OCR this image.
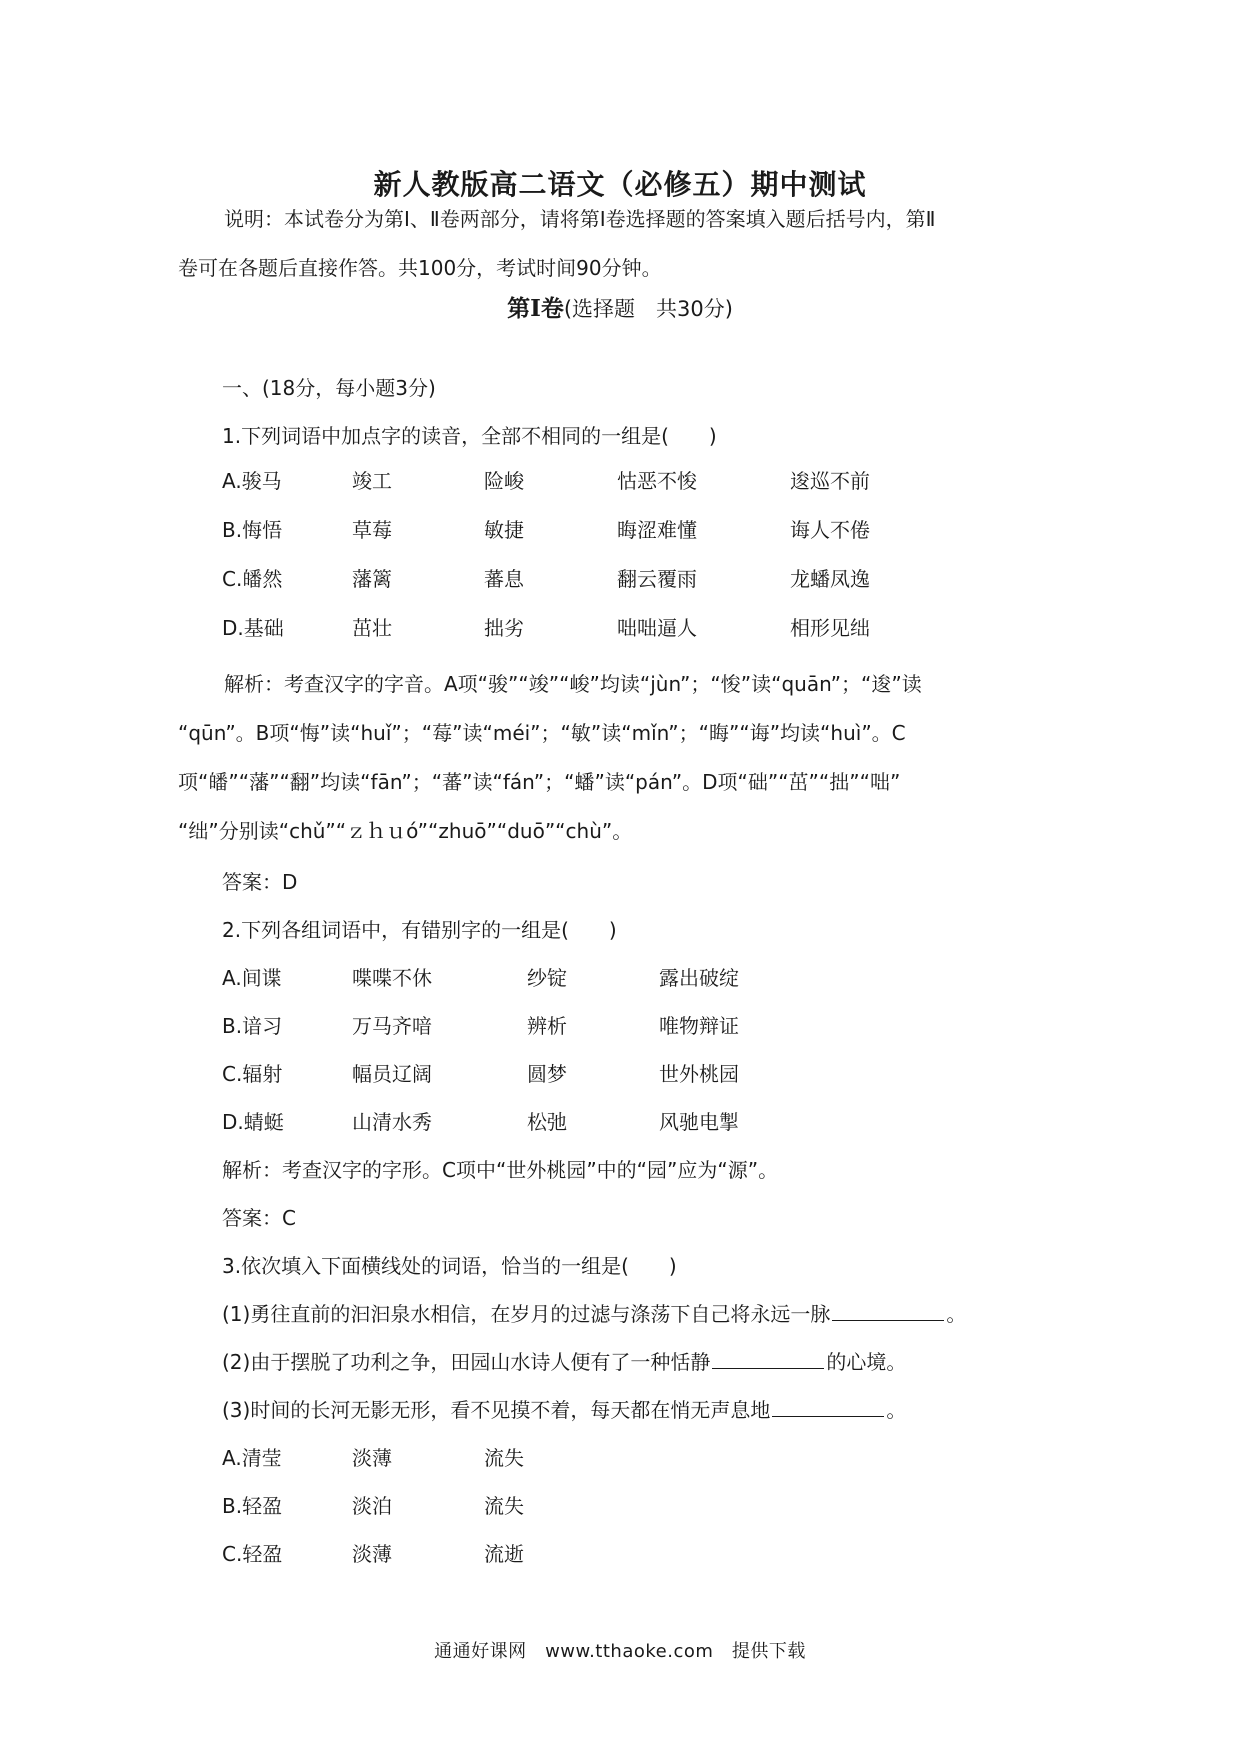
新人教版高二语文（必修五）期中测试
说明：本试卷分为第Ⅰ、Ⅱ卷两部分，请将第Ⅰ卷选择题的答案填入题后括号内，第Ⅱ
卷可在各题后直接作答。共100分，考试时间90分钟。
第Ⅰ卷(选择题　共30分)
一、(18分，每小题3分)
1.下列词语中加点字的读音，全部不相同的一组是(　　)
A.骏马	竣工	险峻	怙恶不悛	逡巡不前
B.悔悟	草莓	敏捷	晦涩难懂	诲人不倦
C.皤然	藩篱	蕃息	翻云覆雨	龙蟠凤逸
D.基础	茁壮	拙劣	咄咄逼人	相形见绌
解析：考查汉字的字音。A项“骏”“竣”“峻”均读“jùn”；“悛”读“quān”；“逡”读
“qūn”。B项“悔”读“huǐ”；“莓”读“méi”；“敏”读“mǐn”；“晦”“诲”均读“huì”。C
项“皤”“藩”“翻”均读“fān”；“蕃”读“fán”；“蟠”读“pán”。D项“础”“茁”“拙”“咄”
“绌”分别读“chǔ”“ｚｈｕó”“zhuō”“duō”“chù”。
答案：D
2.下列各组词语中，有错别字的一组是(　　)
A.间谍	喋喋不休	纱锭	露出破绽
B.谙习	万马齐喑	辨析	唯物辩证
C.辐射	幅员辽阔	圆梦	世外桃园
D.蜻蜓	山清水秀	松弛	风驰电掣
解析：考查汉字的字形。C项中“世外桃园”中的“园”应为“源”。
答案：C
3.依次填入下面横线处的词语，恰当的一组是(　　)
(1)勇往直前的汩汩泉水相信，在岁月的过滤与涤荡下自己将永远一脉	。
(2)由于摆脱了功利之争，田园山水诗人便有了一种恬静	的心境。
(3)时间的长河无影无形，看不见摸不着，每天都在悄无声息地	。
A.清莹	淡薄	流失
B.轻盈	淡泊	流失
C.轻盈	淡薄	流逝
通通好课网　www.tthaoke.com　提供下载
